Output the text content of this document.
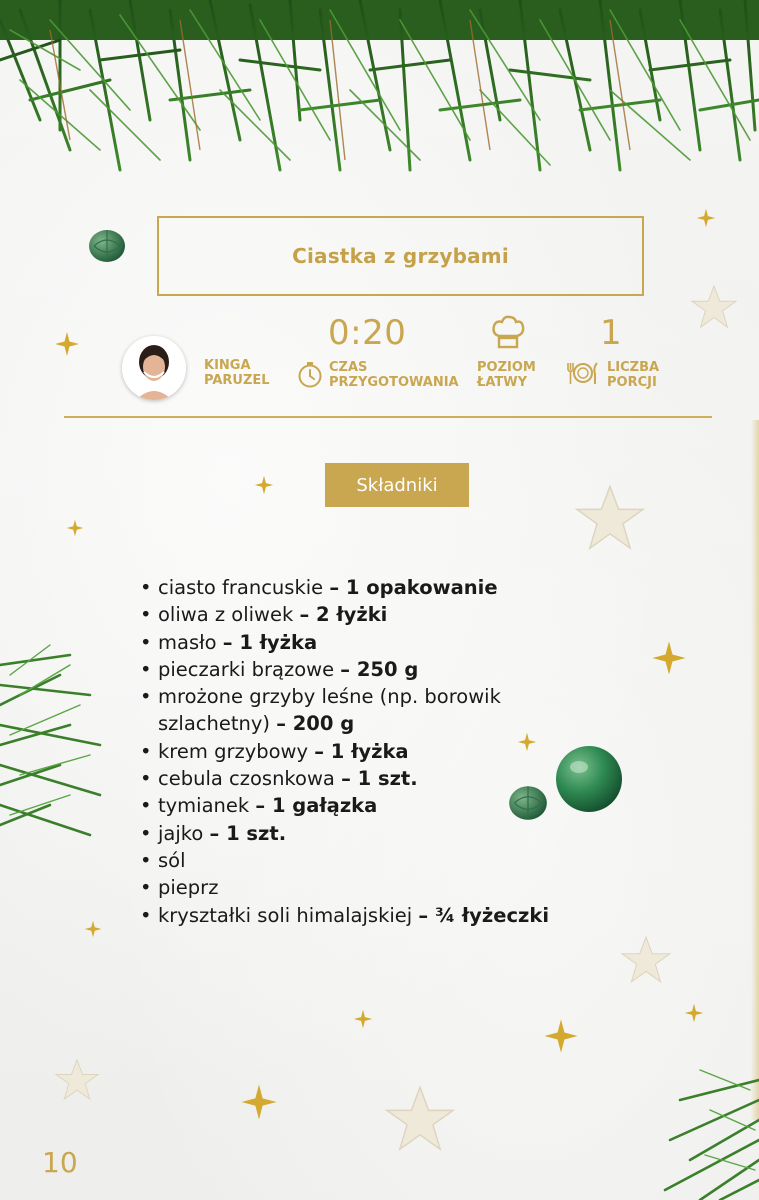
Ciastka z grzybami
KINGA
PARUZEL
0:20
CZAS
PRZYGOTOWANIA
POZIOM
ŁATWY
1
LICZBA
PORCJI
Składniki
• ciasto francuskie – 1 opakowanie
• oliwa z oliwek – 2 łyżki
• masło – 1 łyżka
• pieczarki brązowe – 250 g
• mrożone grzyby leśne (np. borowik szlachetny) – 200 g
• krem grzybowy – 1 łyżka
• cebula czosnkowa – 1 szt.
• tymianek – 1 gałązka
• jajko – 1 szt.
• sól
• pieprz
• kryształki soli himalajskiej – ¾ łyżeczki
10
